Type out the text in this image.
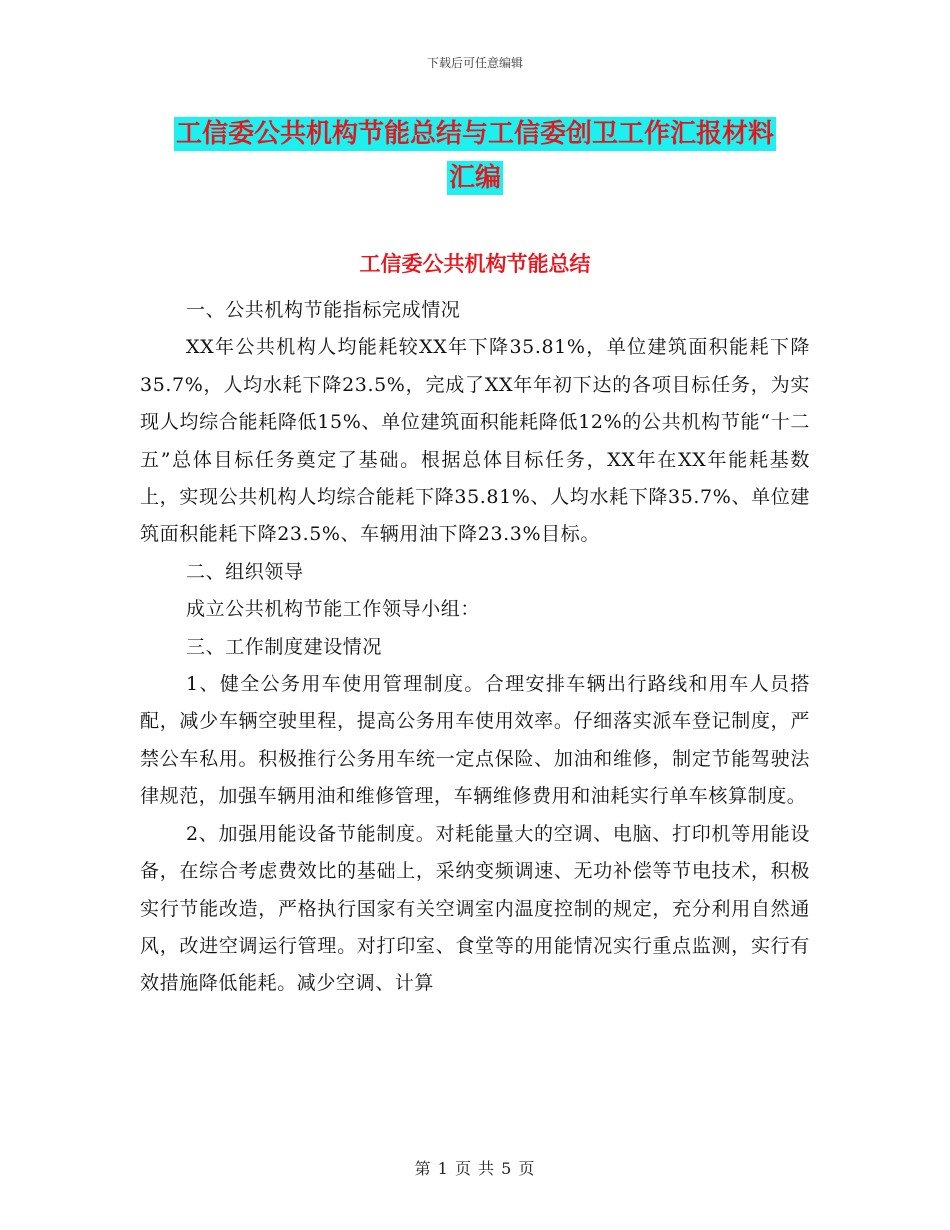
下载后可任意编辑
工信委公共机构节能总结与工信委创卫工作汇报材料
汇编
工信委公共机构节能总结

一、公共机构节能指标完成情况

XX年公共机构人均能耗较XX年下降35.81%，单位建筑面积能耗下降35.7%，人均水耗下降23.5%，完成了XX年年初下达的各项目标任务，为实现人均综合能耗降低15%、单位建筑面积能耗降低12%的公共机构节能“十二五”总体目标任务奠定了基础。根据总体目标任务，XX年在XX年能耗基数上，实现公共机构人均综合能耗下降35.81%、人均水耗下降35.7%、单位建筑面积能耗下降23.5%、车辆用油下降23.3%目标。

二、组织领导

成立公共机构节能工作领导小组：

三、工作制度建设情况

1、健全公务用车使用管理制度。合理安排车辆出行路线和用车人员搭配，减少车辆空驶里程，提高公务用车使用效率。仔细落实派车登记制度，严禁公车私用。积极推行公务用车统一定点保险、加油和维修，制定节能驾驶法律规范，加强车辆用油和维修管理，车辆维修费用和油耗实行单车核算制度。

2、加强用能设备节能制度。对耗能量大的空调、电脑、打印机等用能设备，在综合考虑费效比的基础上，采纳变频调速、无功补偿等节电技术，积极实行节能改造，严格执行国家有关空调室内温度控制的规定，充分利用自然通风，改进空调运行管理。对打印室、食堂等的用能情况实行重点监测，实行有效措施降低能耗。减少空调、计算

第 1 页 共 5 页
